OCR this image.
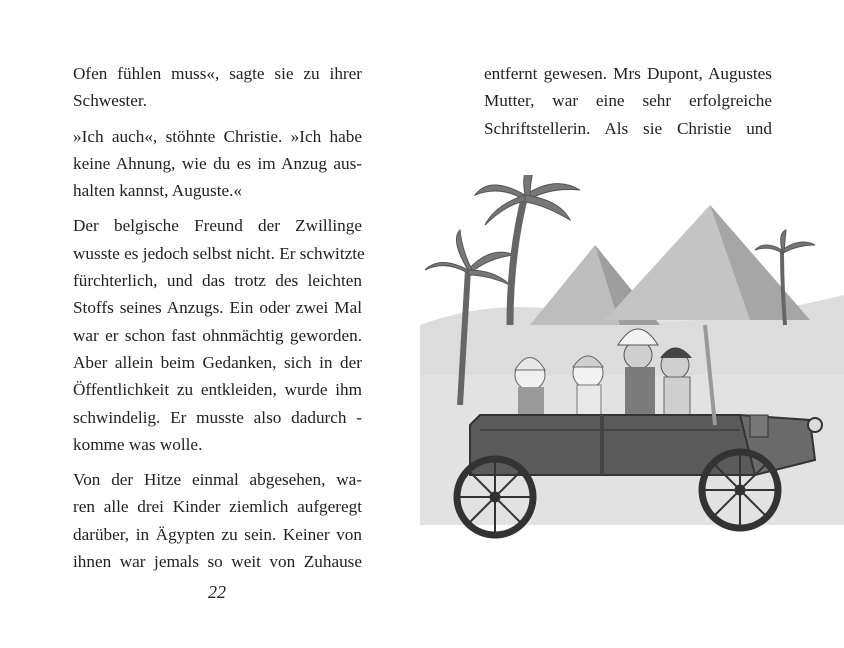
Ofen fühlen muss«, sagte sie zu ihrer
Schwester.
»Ich auch«, stöhnte Christie. »Ich habe
keine Ahnung, wie du es im Anzug aus-
halten kannst, Auguste.«
Der belgische Freund der Zwillinge
wusste es jedoch selbst nicht. Er schwitzte
fürchterlich, und das trotz des leichten
Stoffs seines Anzugs. Ein oder zwei Mal
war er schon fast ohnmächtig geworden.
Aber allein beim Gedanken, sich in der
Öffentlichkeit zu entkleiden, wurde ihm
schwindelig. Er musste also dadurch -
komme was wolle.
Von der Hitze einmal abgesehen, wa-
ren alle drei Kinder ziemlich aufgeregt
darüber, in Ägypten zu sein. Keiner von
ihnen war jemals so weit von Zuhause
22
entfernt gewesen. Mrs Dupont, Augustes
Mutter, war eine sehr erfolgreiche
Schriftstellerin. Als sie Christie und
